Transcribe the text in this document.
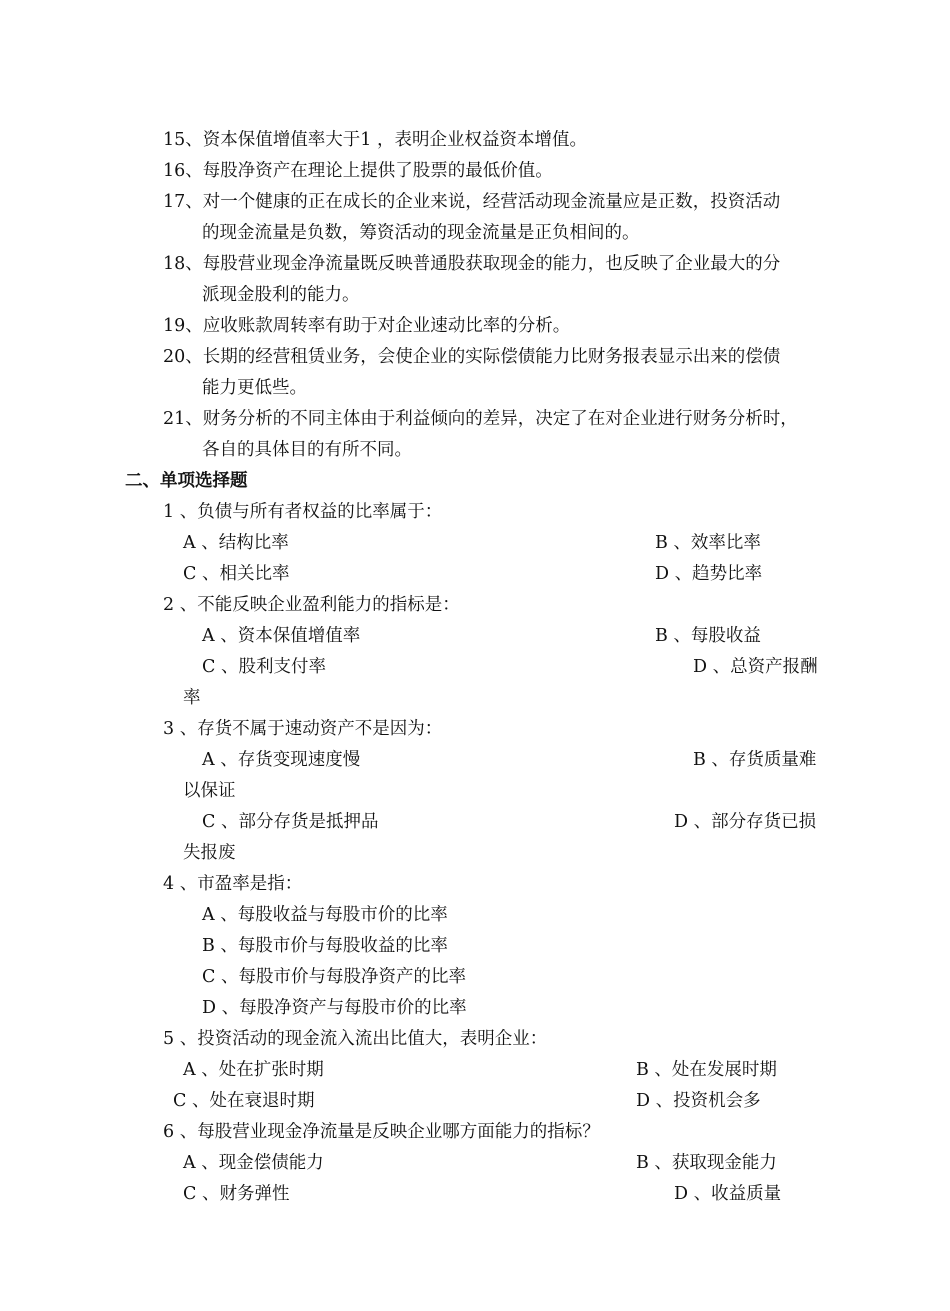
15、资本保值增值率大于1 ，表明企业权益资本增值。
16、每股净资产在理论上提供了股票的最低价值。
17、对一个健康的正在成长的企业来说，经营活动现金流量应是正数，投资活动
的现金流量是负数，筹资活动的现金流量是正负相间的。
18、每股营业现金净流量既反映普通股获取现金的能力，也反映了企业最大的分
派现金股利的能力。
19、应收账款周转率有助于对企业速动比率的分析。
20、长期的经营租赁业务，会使企业的实际偿债能力比财务报表显示出来的偿债
能力更低些。
21、财务分析的不同主体由于利益倾向的差异，决定了在对企业进行财务分析时，
各自的具体目的有所不同。
二、单项选择题
1 、负债与所有者权益的比率属于：
A 、结构比率	B 、效率比率
C 、相关比率	D 、趋势比率
2 、不能反映企业盈利能力的指标是：
A 、资本保值增值率	B 、每股收益
C 、股利支付率	D 、总资产报酬
率
3 、存货不属于速动资产不是因为：
A 、存货变现速度慢	B 、存货质量难
以保证
C 、部分存货是抵押品	D 、部分存货已损
失报废
4 、市盈率是指：
A 、每股收益与每股市价的比率
B 、每股市价与每股收益的比率
C 、每股市价与每股净资产的比率
D 、每股净资产与每股市价的比率
5 、投资活动的现金流入流出比值大，表明企业：
A 、处在扩张时期	B 、处在发展时期
C 、处在衰退时期	D 、投资机会多
6 、每股营业现金净流量是反映企业哪方面能力的指标？
A 、现金偿债能力	B 、获取现金能力
C 、财务弹性	D 、收益质量
